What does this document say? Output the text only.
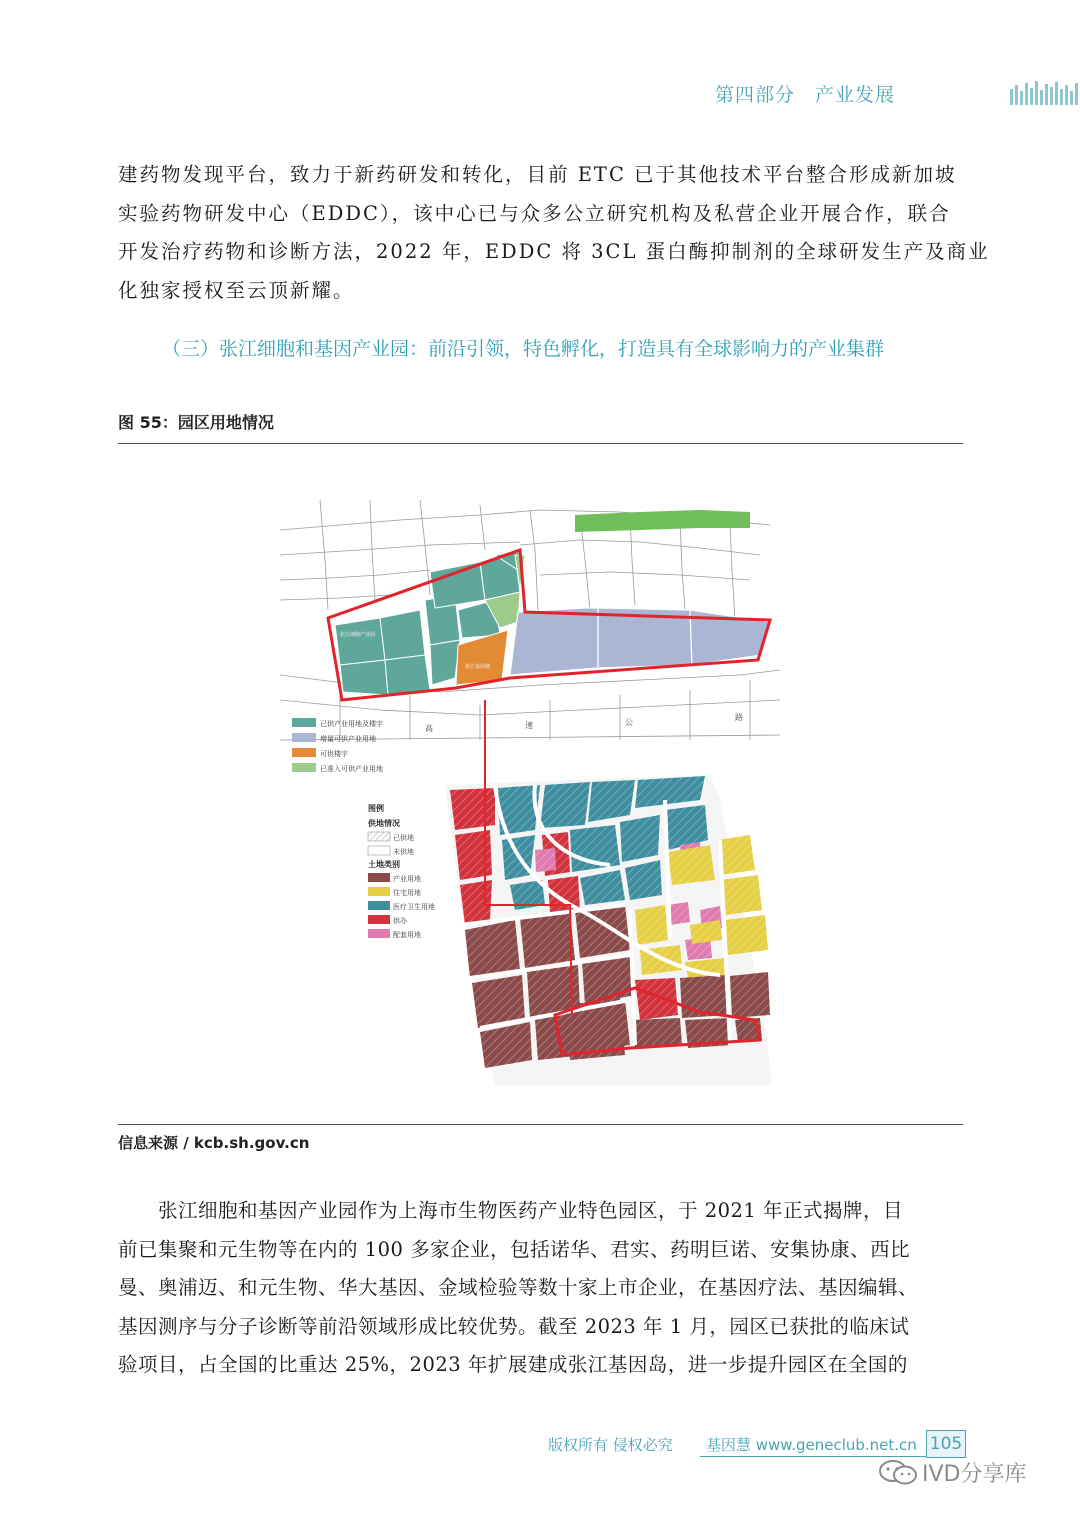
第四部分　产业发展
建药物发现平台，致力于新药研发和转化，目前 ETC 已于其他技术平台整合形成新加坡
实验药物研发中心（EDDC），该中心已与众多公立研究机构及私营企业开展合作，联合
开发治疗药物和诊断方法，2022 年，EDDC 将 3CL 蛋白酶抑制剂的全球研发生产及商业
化独家授权至云顶新耀。
（三）张江细胞和基因产业园：前沿引领，特色孵化，打造具有全球影响力的产业集群
图 55：园区用地情况
张江细胞产业园
张江基因楼
高	速	公
路
已供产业用地及楼宇
增量可供产业用地
可供楼宇
已准入可供产业用地
图例
供地情况
已供地
未供地
土地类别
产业用地
住宅用地
医疗卫生用地
供办
配套用地
信息来源 / kcb.sh.gov.cn
　　张江细胞和基因产业园作为上海市生物医药产业特色园区，于 2021 年正式揭牌，目
前已集聚和元生物等在内的 100 多家企业，包括诺华、君实、药明巨诺、安集协康、西比
曼、奥浦迈、和元生物、华大基因、金域检验等数十家上市企业，在基因疗法、基因编辑、
基因测序与分子诊断等前沿领域形成比较优势。截至 2023 年 1 月，园区已获批的临床试
验项目，占全国的比重达 25%，2023 年扩展建成张江基因岛，进一步提升园区在全国的
版权所有 侵权必究 基因慧 www.geneclub.net.cn 105
IVD分享库
